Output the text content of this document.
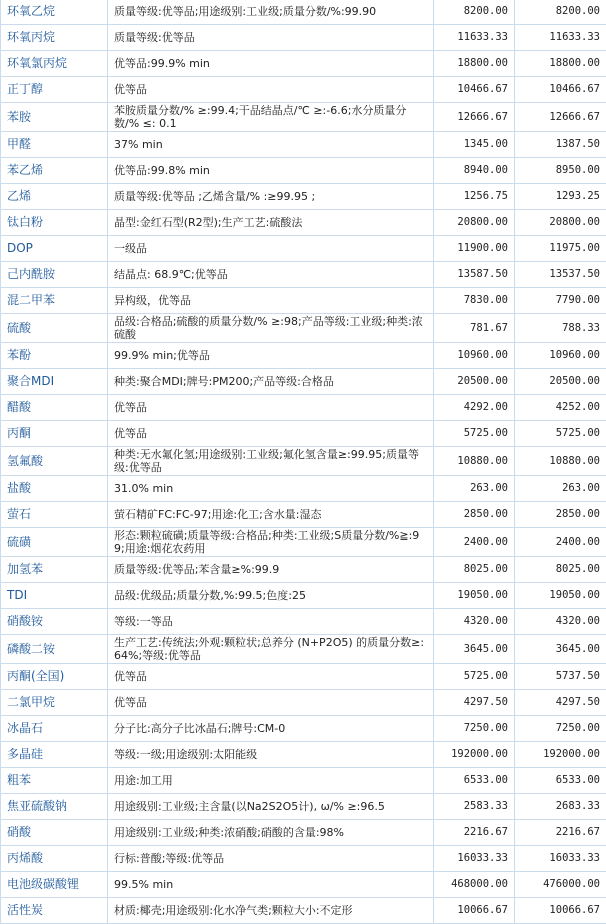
环氧乙烷	质量等级:优等品;用途级别:工业级;质量分数/%:99.90	8200.00	8200.00
环氧丙烷	质量等级:优等品	11633.33	11633.33
环氧氯丙烷	优等品:99.9% min	18800.00	18800.00
正丁醇	优等品	10466.67	10466.67
苯胺	苯胺质量分数/% ≥:99.4;干品结晶点/℃ ≥:-6.6;水分质量分数/% ≤: 0.1	12666.67	12666.67
甲醛	37% min	1345.00	1387.50
苯乙烯	优等品:99.8% min	8940.00	8950.00
乙烯	质量等级:优等品 ;乙烯含量/% :≥99.95 ;	1256.75	1293.25
钛白粉	晶型:金红石型(R2型);生产工艺:硫酸法	20800.00	20800.00
DOP	一级品	11900.00	11975.00
己内酰胺	结晶点: 68.9℃;优等品	13587.50	13537.50
混二甲苯	异构级，优等品	7830.00	7790.00
硫酸	品级:合格品;硫酸的质量分数/% ≥:98;产品等级:工业级;种类:浓硫酸	781.67	788.33
苯酚	99.9% min;优等品	10960.00	10960.00
聚合MDI	种类:聚合MDI;牌号:PM200;产品等级:合格品	20500.00	20500.00
醋酸	优等品	4292.00	4252.00
丙酮	优等品	5725.00	5725.00
氢氟酸	种类:无水氟化氢;用途级别:工业级;氟化氢含量≥:99.95;质量等级:优等品	10880.00	10880.00
盐酸	31.0% min	263.00	263.00
萤石	萤石精矿FC:FC-97;用途:化工;含水量:湿态	2850.00	2850.00
硫磺	形态:颗粒硫磺;质量等级:合格品;种类:工业级;S质量分数/%≧:99;用途:烟花农药用	2400.00	2400.00
加氢苯	质量等级:优等品;苯含量≥%:99.9	8025.00	8025.00
TDI	品级:优级品;质量分数,%:99.5;色度:25	19050.00	19050.00
硝酸铵	等级:一等品	4320.00	4320.00
磷酸二铵	生产工艺:传统法;外观:颗粒状;总养分 (N+P2O5) 的质量分数≥:64%;等级:优等品	3645.00	3645.00
丙酮(全国)	优等品	5725.00	5737.50
二氯甲烷	优等品	4297.50	4297.50
冰晶石	分子比:高分子比冰晶石;牌号:CM-0	7250.00	7250.00
多晶硅	等级:一级;用途级别:太阳能级	192000.00	192000.00
粗苯	用途:加工用	6533.00	6533.00
焦亚硫酸钠	用途级别:工业级;主含量(以Na2S2O5计), ω/% ≥:96.5	2583.33	2683.33
硝酸	用途级别:工业级;种类:浓硝酸;硝酸的含量:98%	2216.67	2216.67
丙烯酸	行标:普酸;等级:优等品	16033.33	16033.33
电池级碳酸锂	99.5% min	468000.00	476000.00
活性炭	材质:椰壳;用途级别:化水净气类;颗粒大小:不定形	10066.67	10066.67
